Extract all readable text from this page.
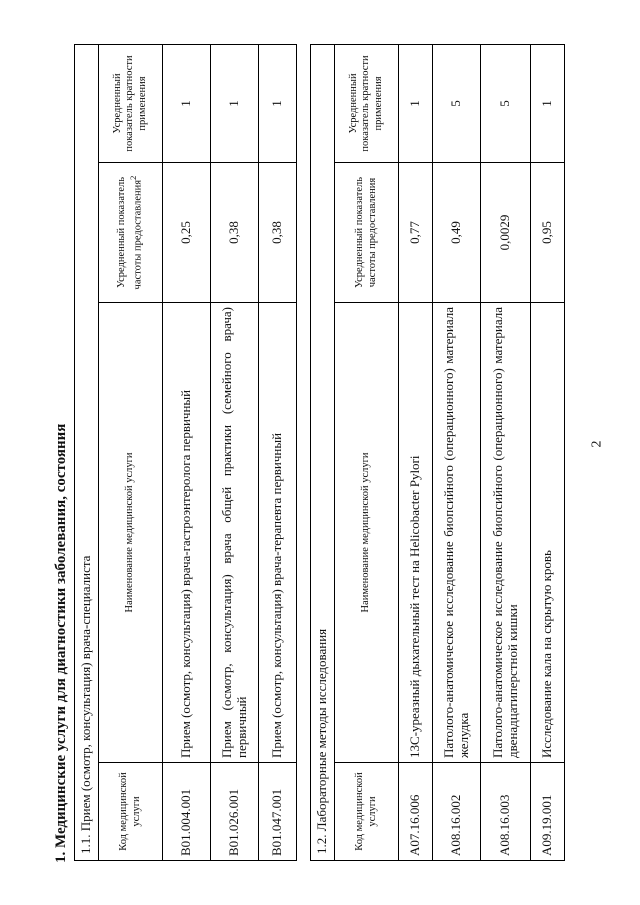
2
1. Медицинские услуги для диагностики заболевания, состояния 1.1. Прием (осмотр, консультация) врача-специалиста			
Код медицинской услуги	Наименование медицинской услуги	Усредненный показатель частоты предоставления$^2$	Усредненный показатель кратности применения
B01.004.001	Прием (осмотр, консультация) врача-гастроэнтеролога первичный	0,25	1
B01.026.001	Прием (осмотр, консультация) врача общей практики (семейного врача) первичный	0,38	1
B01.047.001	Прием (осмотр, консультация) врача-терапевта первичный	0,38	1
1.2. Лабораторные методы исследования			
Код медицинской услуги	Наименование медицинской услуги	Усредненный показатель частоты предоставления	Усредненный показатель кратности применения
A07.16.006	13С-уреазный дыхательный тест на Helicobacter Pylori	0,77	1
A08.16.002	Патолого-анатомическое исследование биопсийного (операционного) материала желудка	0,49	5
A08.16.003	Патолого-анатомическое исследование биопсийного (операционного) материала двенадцатиперстной кишки	0,0029	5
A09.19.001	Исследование кала на скрытую кровь	0,95	1
